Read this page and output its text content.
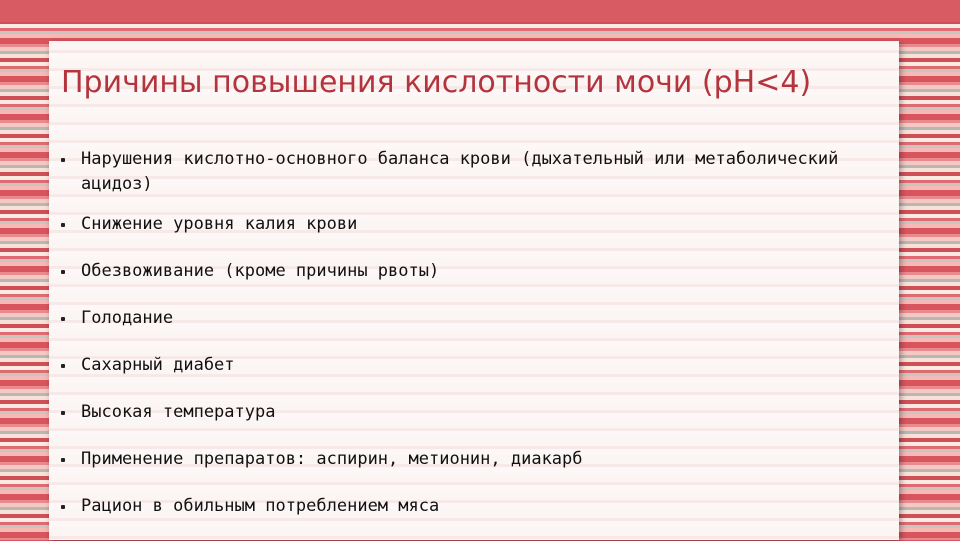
Причины повышения кислотности мочи (рН<4)
Нарушения кислотно-основного баланса крови (дыхательный или метаболический ацидоз)
Снижение уровня калия крови
Обезвоживание (кроме причины рвоты)
Голодание
Сахарный диабет
Высокая температура
Применение препаратов: аспирин, метионин, диакарб
Рацион в обильным потреблением мяса
